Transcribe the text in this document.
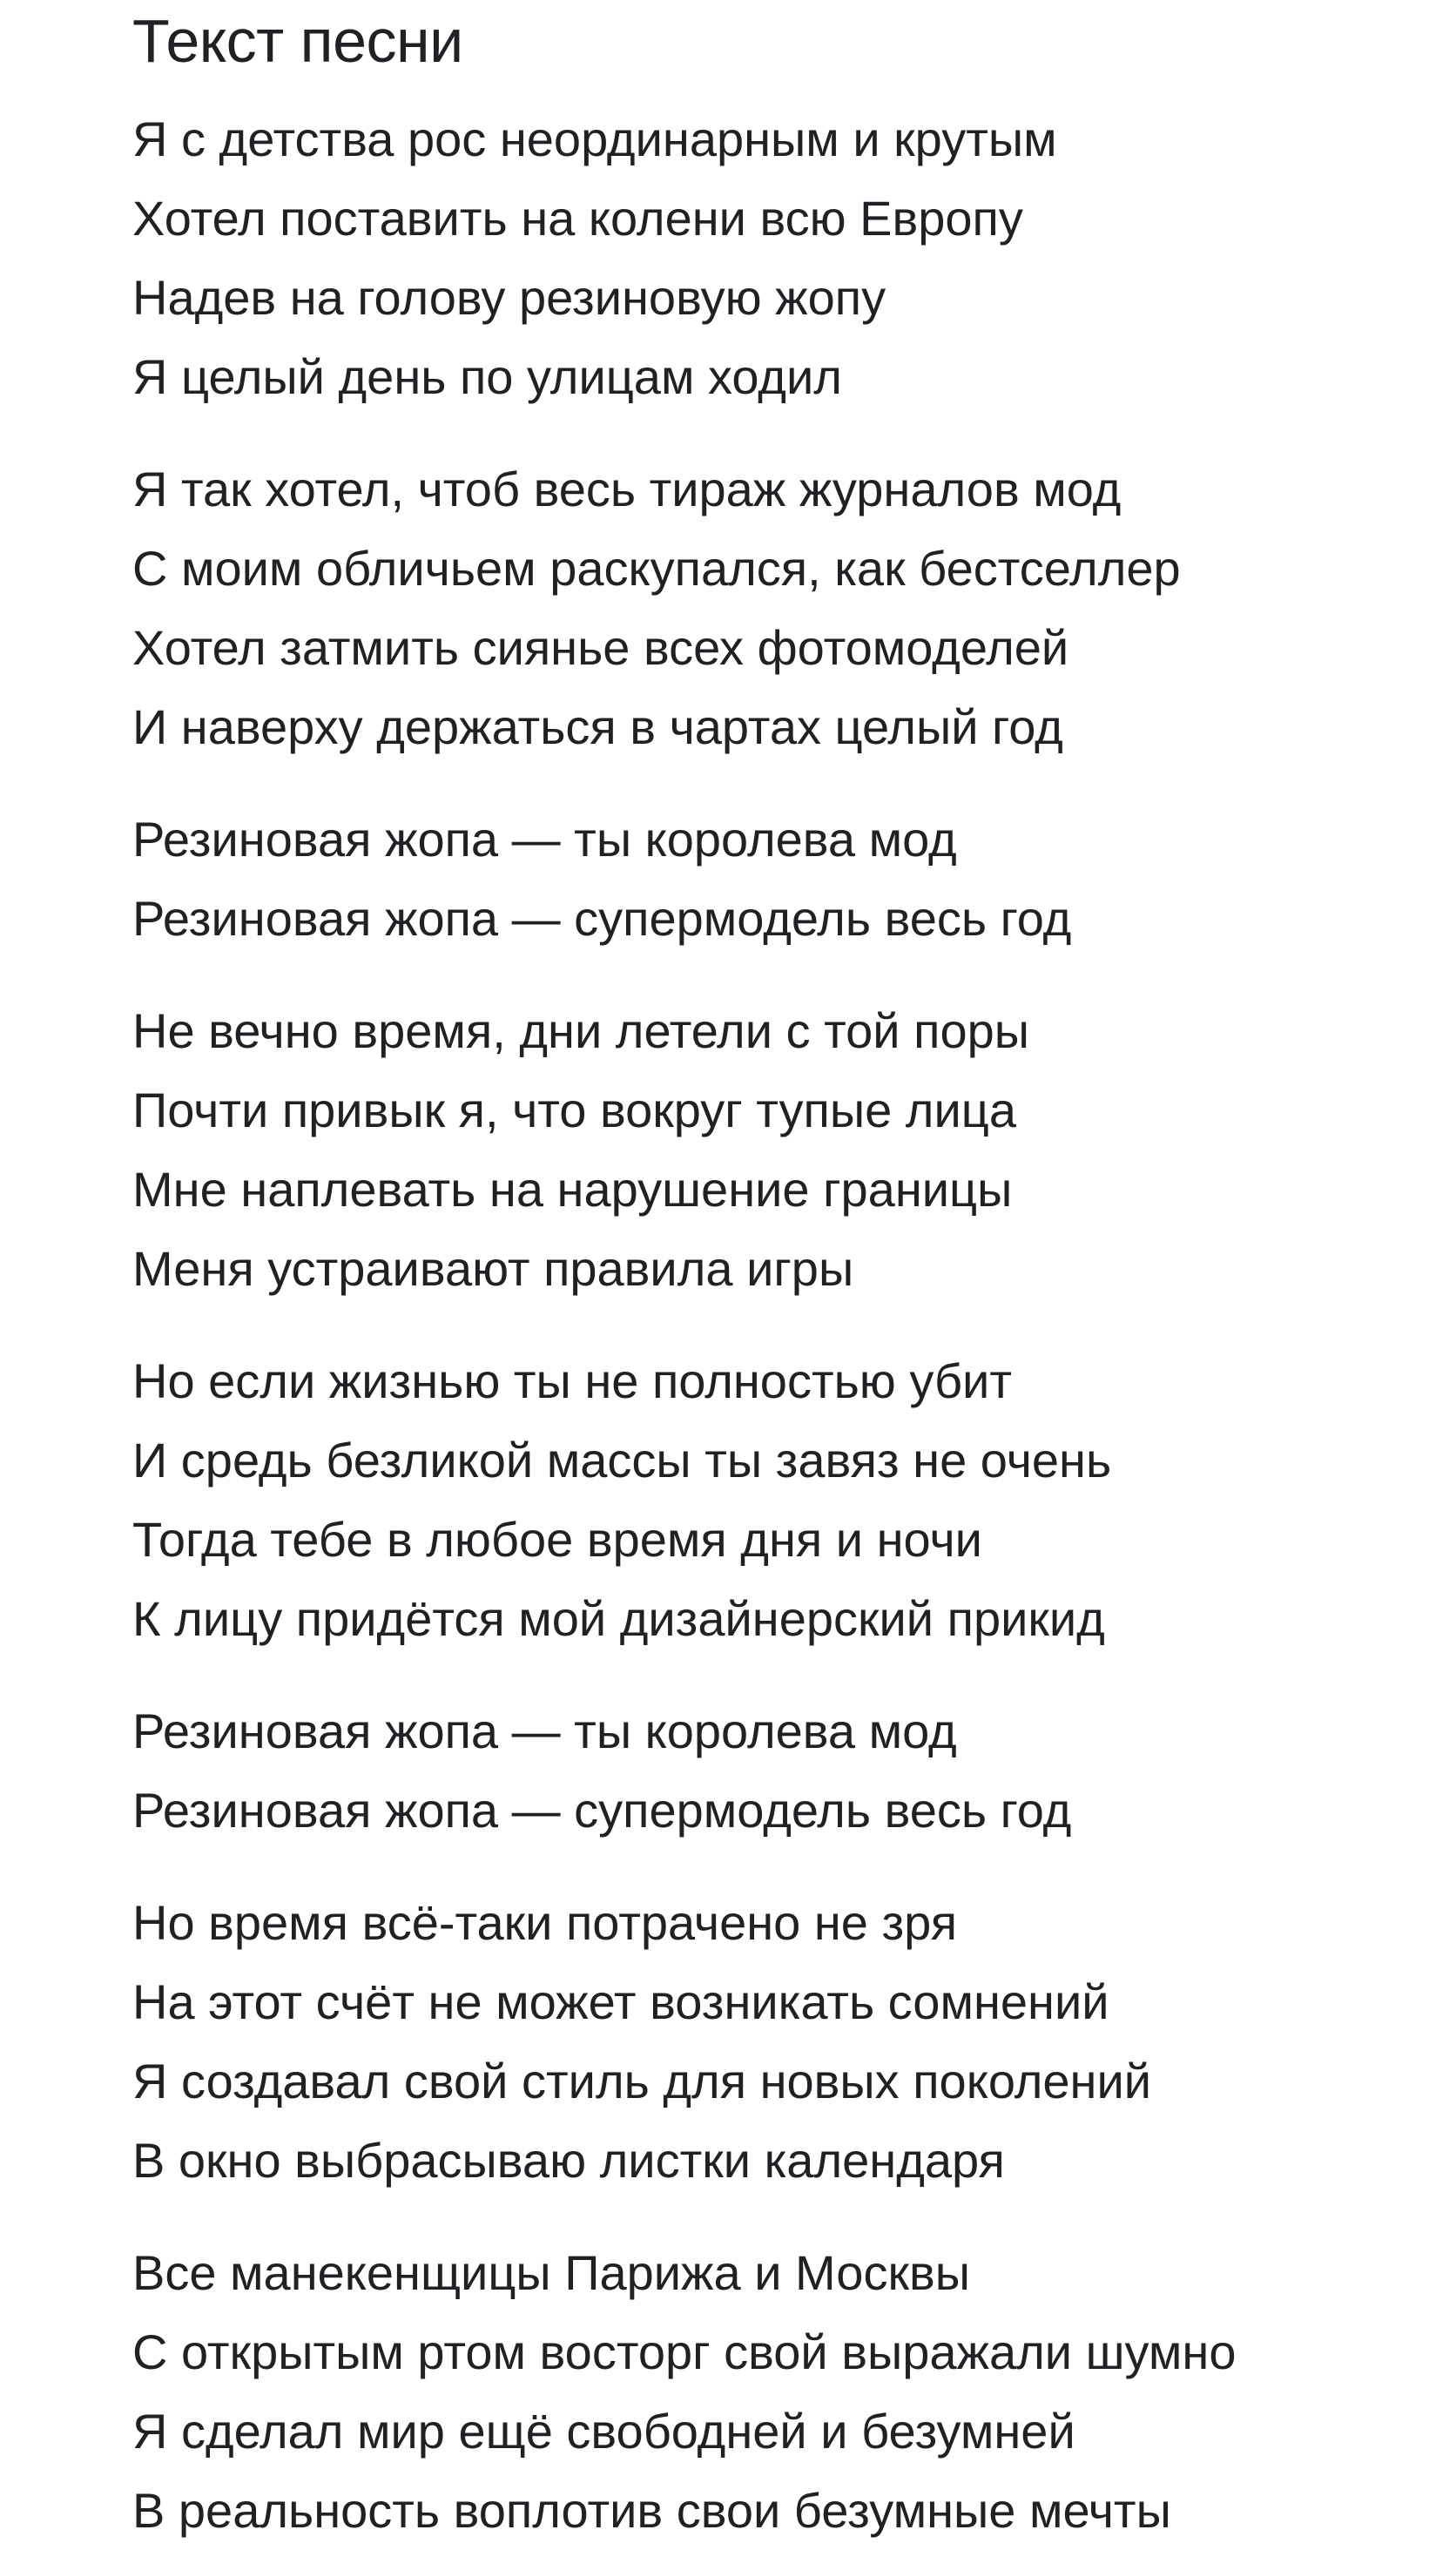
Текст песни

Я с детства рос неординарным и крутым

Хотел поставить на колени всю Европу

Надев на голову резиновую жопу

Я целый день по улицам ходил

Я так хотел, чтоб весь тираж журналов мод

С моим обличьем раскупался, как бестселлер

Хотел затмить сиянье всех фотомоделей

И наверху держаться в чартах целый год

Резиновая жопа — ты королева мод

Резиновая жопа — супермодель весь год

Не вечно время, дни летели с той поры

Почти привык я, что вокруг тупые лица

Мне наплевать на нарушение границы

Меня устраивают правила игры

Но если жизнью ты не полностью убит

И средь безликой массы ты завяз не очень

Тогда тебе в любое время дня и ночи

К лицу придётся мой дизайнерский прикид

Резиновая жопа — ты королева мод

Резиновая жопа — супермодель весь год

Но время всё-таки потрачено не зря

На этот счёт не может возникать сомнений

Я создавал свой стиль для новых поколений

В окно выбрасываю листки календаря

Все манекенщицы Парижа и Москвы

С открытым ртом восторг свой выражали шумно

Я сделал мир ещё свободней и безумней

В реальность воплотив свои безумные мечты
